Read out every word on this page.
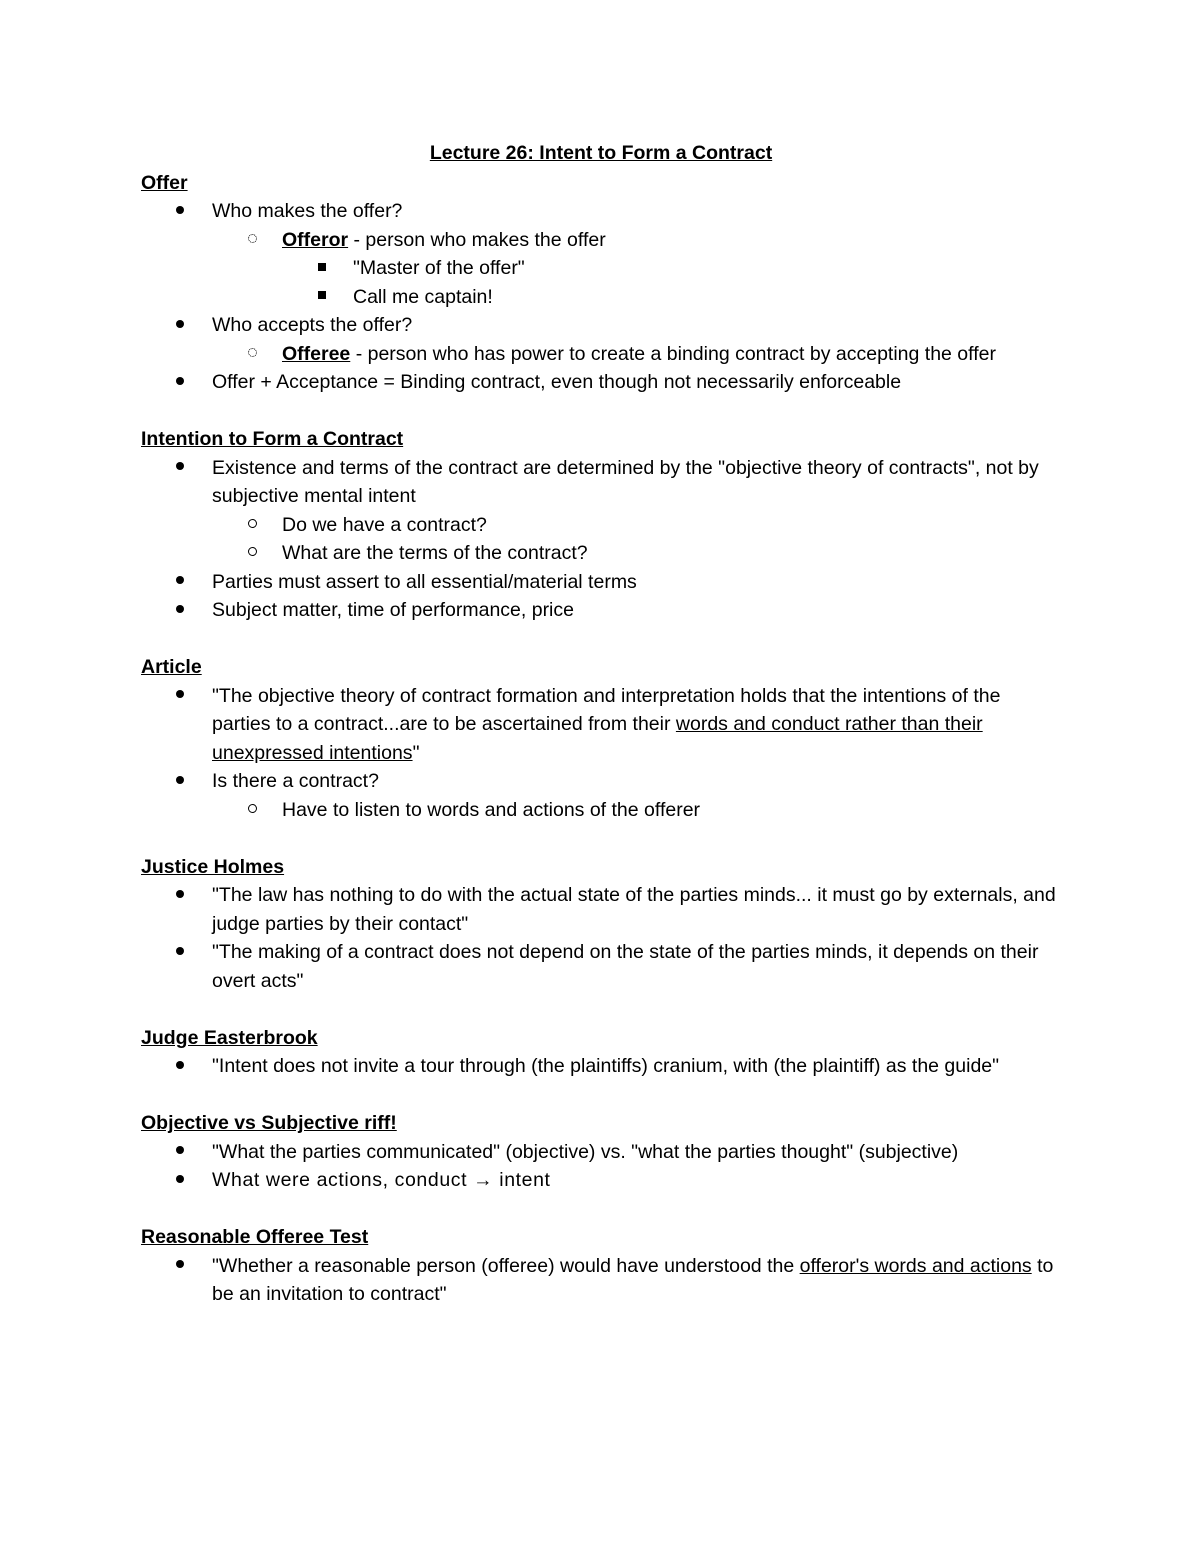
Lecture 26: Intent to Form a Contract
Offer
Who makes the offer?
Offeror - person who makes the offer
"Master of the offer"
Call me captain!
Who accepts the offer?
Offeree - person who has power to create a binding contract by accepting the offer
Offer + Acceptance = Binding contract, even though not necessarily enforceable
Intention to Form a Contract
Existence and terms of the contract are determined by the "objective theory of contracts", not by subjective mental intent
Do we have a contract?
What are the terms of the contract?
Parties must assert to all essential/material terms
Subject matter, time of performance, price
Article
"The objective theory of contract formation and interpretation holds that the intentions of the parties to a contract...are to be ascertained from their words and conduct rather than their unexpressed intentions"
Is there a contract?
Have to listen to words and actions of the offerer
Justice Holmes
"The law has nothing to do with the actual state of the parties minds... it must go by externals, and judge parties by their contact"
"The making of a contract does not depend on the state of the parties minds, it depends on their overt acts"
Judge Easterbrook
"Intent does not invite a tour through (the plaintiffs) cranium, with (the plaintiff) as the guide"
Objective vs Subjective riff!
"What the parties communicated" (objective) vs. "what the parties thought" (subjective)
What were actions, conduct → intent
Reasonable Offeree Test
"Whether a reasonable person (offeree) would have understood the offeror's words and actions to be an invitation to contract"
